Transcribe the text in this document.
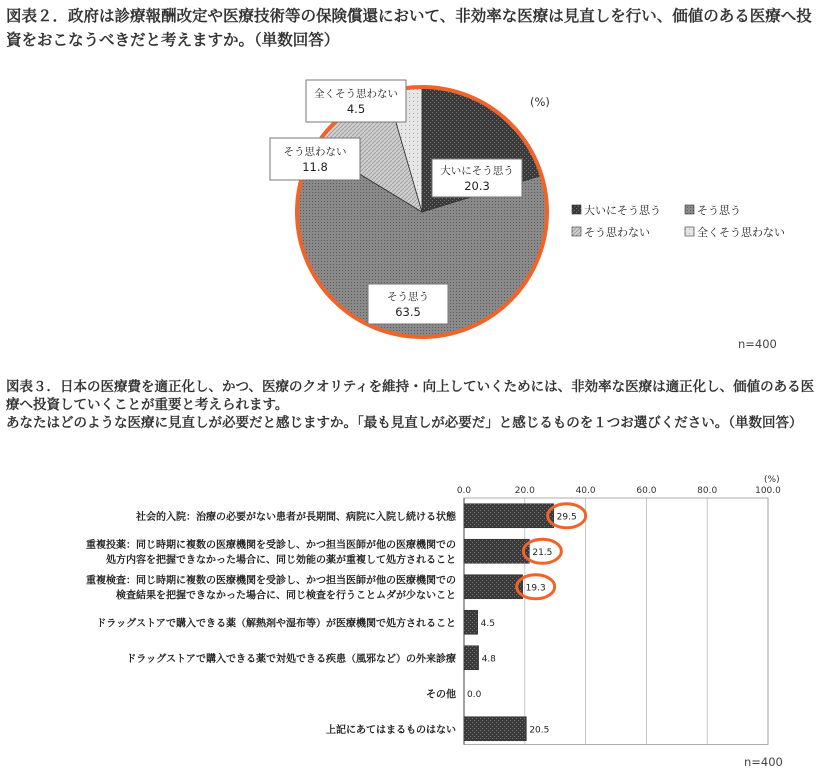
図表２．政府は診療報酬改定や医療技術等の保険償還において、非効率な医療は見直しを行い、価値のある医療へ投資をおこなうべきだと考えますか。（単数回答）

大いにそう思う
20.3
そう思う
63.5
そう思わない
11.8
全くそう思わない
4.5	(%)
大いにそう思う	そう思う
そう思わない	全くそう思わない
n=400

図表３．日本の医療費を適正化し、かつ、医療のクオリティを維持・向上していくためには、非効率な医療は適正化し、価値のある医療へ投資していくことが重要と考えられます。
あなたはどのような医療に見直しが必要だと感じますか。「最も見直しが必要だ」と感じるものを１つお選びください。（単数回答）

(%)
0.0	20.0	40.0	60.0	80.0	100.0
社会的入院：治療の必要がない患者が長期間、病院に入院し続ける状態	29.5
重複投薬：同じ時期に複数の医療機関を受診し、かつ担当医師が他の医療機関での
処方内容を把握できなかった場合に、同じ効能の薬が重複して処方されること
21.5
重複検査：同じ時期に複数の医療機関を受診し、かつ担当医師が他の医療機関での
検査結果を把握できなかった場合に、同じ検査を行うことムダが少ないこと
19.3
ドラッグストアで購入できる薬（解熱剤や湿布等）が医療機関で処方されること	4.5
ドラッグストアで購入できる薬で対処できる疾患（風邪など）の外来診療	4.8
その他 0.0
上記にあてはまるものはない	20.5
n=400
